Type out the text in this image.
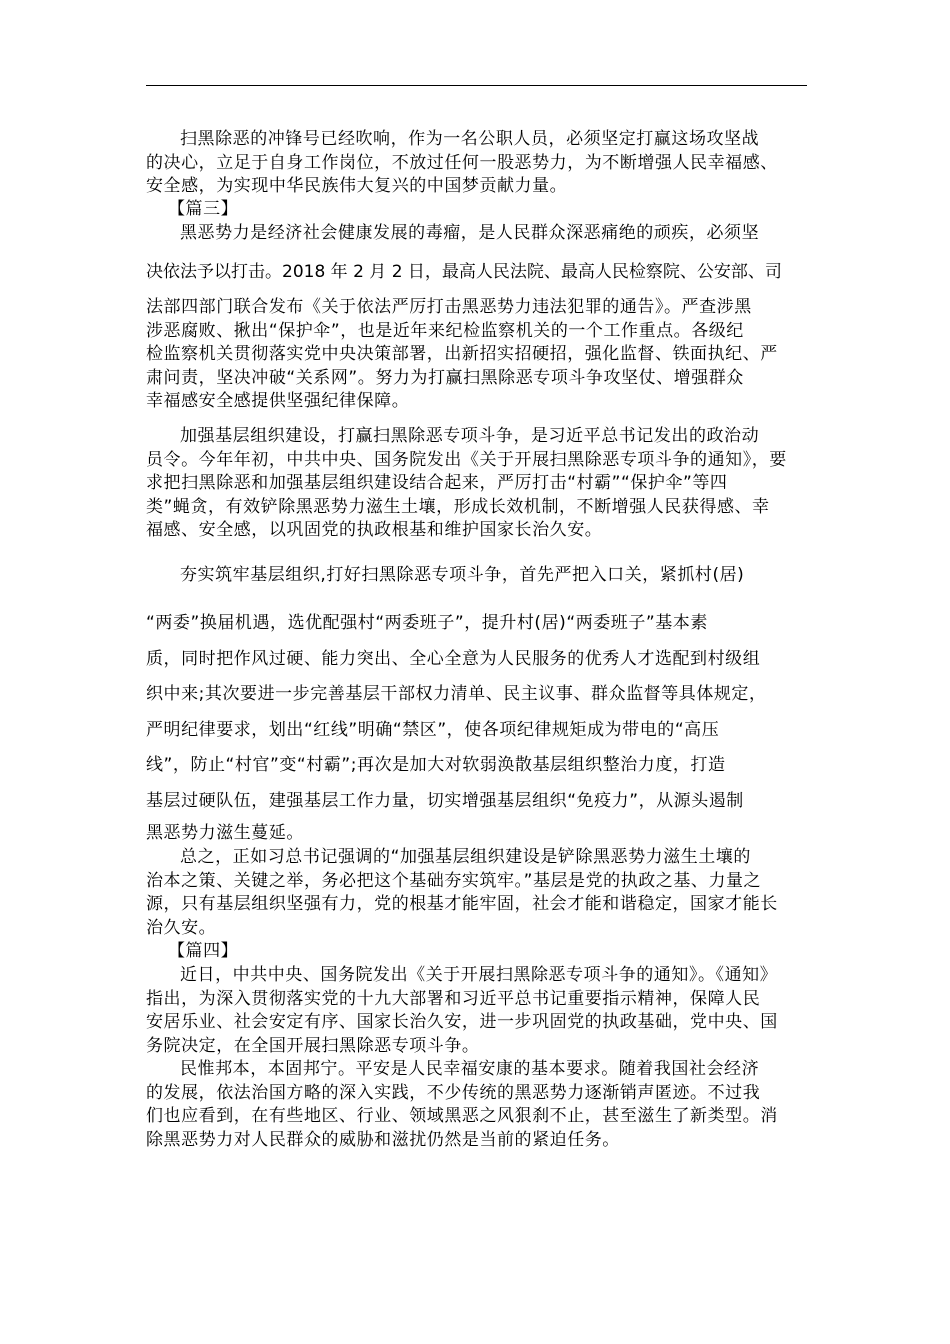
扫黑除恶的冲锋号已经吹响，作为一名公职人员，必须坚定打赢这场攻坚战
的决心，立足于自身工作岗位，不放过任何一股恶势力，为不断增强人民幸福感、
安全感，为实现中华民族伟大复兴的中国梦贡献力量。
【篇三】
黑恶势力是经济社会健康发展的毒瘤，是人民群众深恶痛绝的顽疾，必须坚
决依法予以打击。2018 年 2 月 2 日，最高人民法院、最高人民检察院、公安部、司
法部四部门联合发布《关于依法严厉打击黑恶势力违法犯罪的通告》。严查涉黑
涉恶腐败、揪出“保护伞”，也是近年来纪检监察机关的一个工作重点。各级纪
检监察机关贯彻落实党中央决策部署，出新招实招硬招，强化监督、铁面执纪、严
肃问责，坚决冲破“关系网”。努力为打赢扫黑除恶专项斗争攻坚仗、增强群众
幸福感安全感提供坚强纪律保障。
加强基层组织建设，打赢扫黑除恶专项斗争，是习近平总书记发出的政治动
员令。今年年初，中共中央、国务院发出《关于开展扫黑除恶专项斗争的通知》，要
求把扫黑除恶和加强基层组织建设结合起来，严厉打击“村霸”“保护伞”等四
类”蝇贪，有效铲除黑恶势力滋生土壤，形成长效机制，不断增强人民获得感、幸
福感、安全感，以巩固党的执政根基和维护国家长治久安。
夯实筑牢基层组织,打好扫黑除恶专项斗争，首先严把入口关，紧抓村(居)
“两委”换届机遇，选优配强村“两委班子”，提升村(居)“两委班子”基本素
质，同时把作风过硬、能力突出、全心全意为人民服务的优秀人才选配到村级组
织中来;其次要进一步完善基层干部权力清单、民主议事、群众监督等具体规定，
严明纪律要求，划出“红线”明确“禁区”，使各项纪律规矩成为带电的“高压
线”，防止“村官”变“村霸”;再次是加大对软弱涣散基层组织整治力度，打造
基层过硬队伍，建强基层工作力量，切实增强基层组织“免疫力”，从源头遏制
黑恶势力滋生蔓延。
总之，正如习总书记强调的“加强基层组织建设是铲除黑恶势力滋生土壤的
治本之策、关键之举，务必把这个基础夯实筑牢。”基层是党的执政之基、力量之
源，只有基层组织坚强有力，党的根基才能牢固，社会才能和谐稳定，国家才能长
治久安。
【篇四】
近日，中共中央、国务院发出《关于开展扫黑除恶专项斗争的通知》。《通知》
指出，为深入贯彻落实党的十九大部署和习近平总书记重要指示精神，保障人民
安居乐业、社会安定有序、国家长治久安，进一步巩固党的执政基础，党中央、国
务院决定，在全国开展扫黑除恶专项斗争。
民惟邦本，本固邦宁。平安是人民幸福安康的基本要求。随着我国社会经济
的发展，依法治国方略的深入实践，不少传统的黑恶势力逐渐销声匿迹。不过我
们也应看到，在有些地区、行业、领域黑恶之风狠刹不止，甚至滋生了新类型。消
除黑恶势力对人民群众的威胁和滋扰仍然是当前的紧迫任务。
